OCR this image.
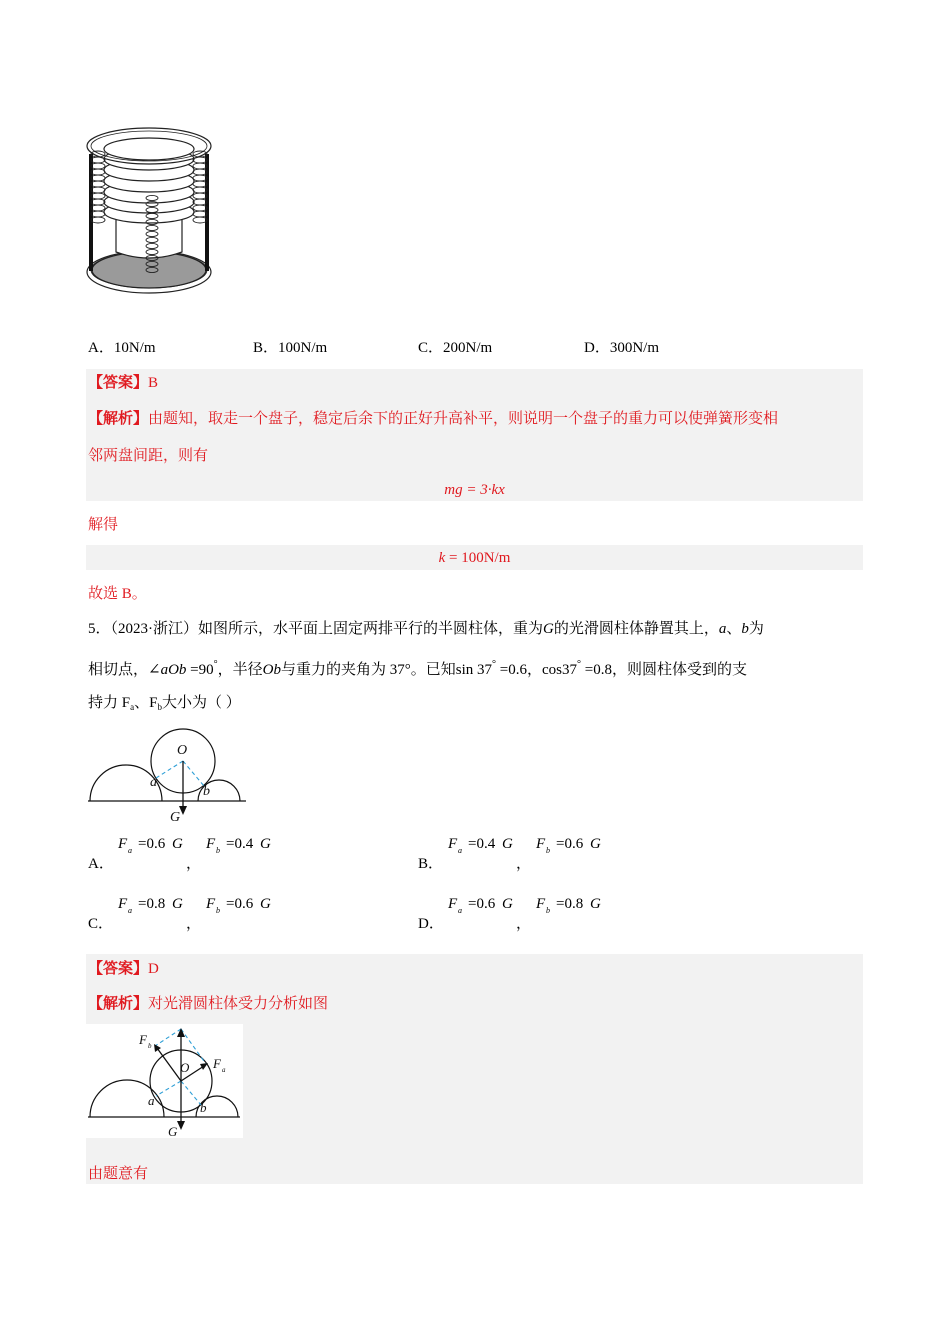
A．10N/m	B．100N/m	C．200N/m	D．300N/m
【答案】B
【解析】由题知，取走一个盘子，稳定后余下的正好升高补平，则说明一个盘子的重力可以使弹簧形变相
邻两盘间距，则有
mg = 3·kx
解得
k = 100N/m
故选 B。
5．（2023·浙江）如图所示，水平面上固定两排平行的半圆柱体，重为G的光滑圆柱体静置其上，a、b为
相切点，∠aOb =90°，半径Ob与重力的夹角为 37°。已知sin 37° =0.6，cos37° =0.8，则圆柱体受到的支
持力 $F_a$、$F_b$大小为（ ）
O
a
b
G
A．
F a =0.6 G
，
F b =0.4 G
B．
F a =0.4 G
，
F b =0.6 G
C．
F a =0.8 G
，
F b =0.6 G
D．
F a =0.6 G
，
F b =0.8 G
【答案】D
【解析】对光滑圆柱体受力分析如图
F b
F a
O
a	b
G
由题意有
